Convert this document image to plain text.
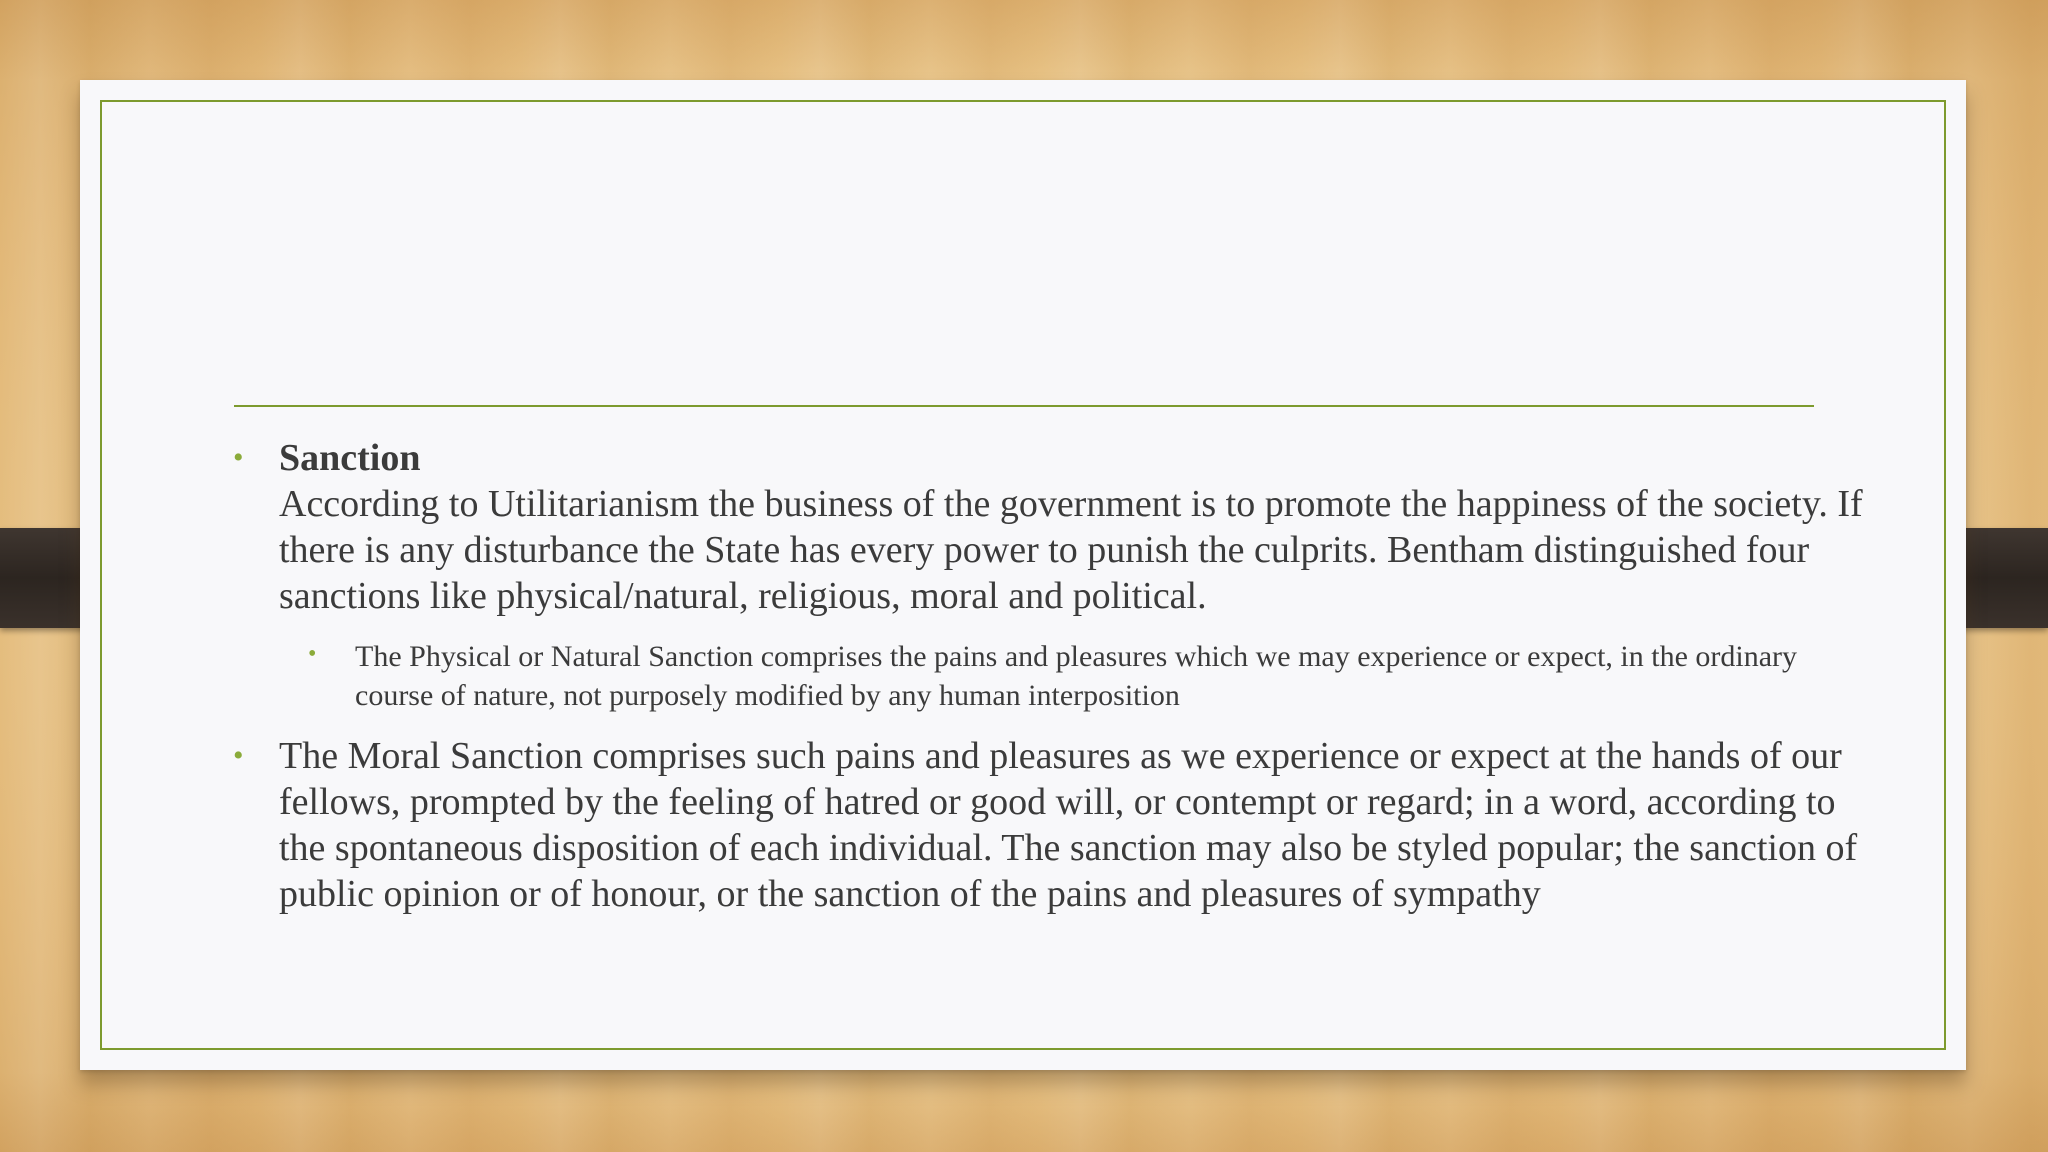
• Sanction
According to Utilitarianism the business of the government is to promote the happiness of the society. If there is any disturbance the State has every power to punish the culprits. Bentham distinguished four sanctions like physical/natural, religious, moral and political.
• The Physical or Natural Sanction comprises the pains and pleasures which we may experience or expect, in the ordinary course of nature, not purposely modified by any human interposition
• The Moral Sanction comprises such pains and pleasures as we experience or expect at the hands of our fellows, prompted by the feeling of hatred or good will, or contempt or regard; in a word, according to the spontaneous disposition of each individual. The sanction may also be styled popular; the sanction of public opinion or of honour, or the sanction of the pains and pleasures of sympathy
